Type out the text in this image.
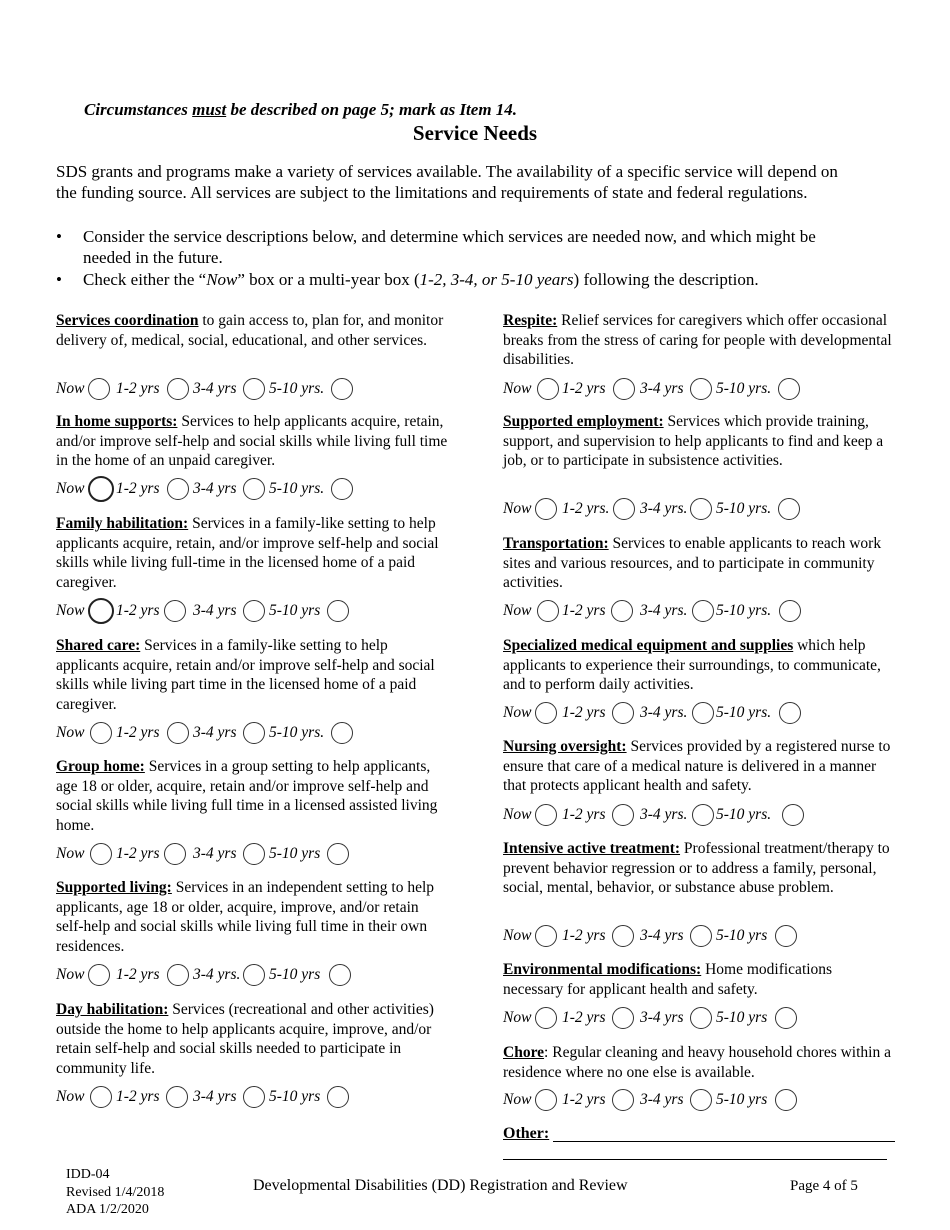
Circumstances must be described on page 5; mark as Item 14.
Service Needs
SDS grants and programs make a variety of services available. The availability of a specific service will depend on the funding source. All services are subject to the limitations and requirements of state and federal regulations.
• Consider the service descriptions below, and determine which services are needed now, and which might be needed in the future.
• Check either the “Now” box or a multi-year box (1-2, 3-4, or 5-10 years) following the description.
Services coordination to gain access to, plan for, and monitor delivery of, medical, social, educational, and other services.
Now 1-2 yrs 3-4 yrs 5-10 yrs.
In home supports: Services to help applicants acquire, retain, and/or improve self-help and social skills while living full time in the home of an unpaid caregiver.
Now 1-2 yrs 3-4 yrs 5-10 yrs.
Family habilitation: Services in a family-like setting to help applicants acquire, retain, and/or improve self-help and social skills while living full-time in the licensed home of a paid caregiver.
Now 1-2 yrs 3-4 yrs 5-10 yrs
Shared care: Services in a family-like setting to help applicants acquire, retain and/or improve self-help and social skills while living part time in the licensed home of a paid caregiver.
Now 1-2 yrs 3-4 yrs 5-10 yrs.
Group home: Services in a group setting to help applicants, age 18 or older, acquire, retain and/or improve self-help and social skills while living full time in a licensed assisted living home.
Now 1-2 yrs 3-4 yrs 5-10 yrs
Supported living: Services in an independent setting to help applicants, age 18 or older, acquire, improve, and/or retain self-help and social skills while living full time in their own residences.
Now 1-2 yrs 3-4 yrs. 5-10 yrs
Day habilitation: Services (recreational and other activities) outside the home to help applicants acquire, improve, and/or retain self-help and social skills needed to participate in community life.
Now 1-2 yrs 3-4 yrs 5-10 yrs
Respite: Relief services for caregivers which offer occasional breaks from the stress of caring for people with developmental disabilities.
Now 1-2 yrs 3-4 yrs 5-10 yrs.
Supported employment: Services which provide training, support, and supervision to help applicants to find and keep a job, or to participate in subsistence activities.
Now 1-2 yrs. 3-4 yrs. 5-10 yrs.
Transportation: Services to enable applicants to reach work sites and various resources, and to participate in community activities.
Now 1-2 yrs 3-4 yrs. 5-10 yrs.
Specialized medical equipment and supplies which help applicants to experience their surroundings, to communicate, and to perform daily activities.
Now 1-2 yrs 3-4 yrs. 5-10 yrs.
Nursing oversight: Services provided by a registered nurse to ensure that care of a medical nature is delivered in a manner that protects applicant health and safety.
Now 1-2 yrs 3-4 yrs. 5-10 yrs.
Intensive active treatment: Professional treatment/therapy to prevent behavior regression or to address a family, personal, social, mental, behavior, or substance abuse problem.
Now 1-2 yrs 3-4 yrs 5-10 yrs
Environmental modifications: Home modifications necessary for applicant health and safety.
Now 1-2 yrs 3-4 yrs 5-10 yrs
Chore: Regular cleaning and heavy household chores within a residence where no one else is available.
Now 1-2 yrs 3-4 yrs 5-10 yrs
Other:
IDD-04
Revised 1/4/2018
ADA 1/2/2020
Developmental Disabilities (DD) Registration and Review	Page 4 of 5
